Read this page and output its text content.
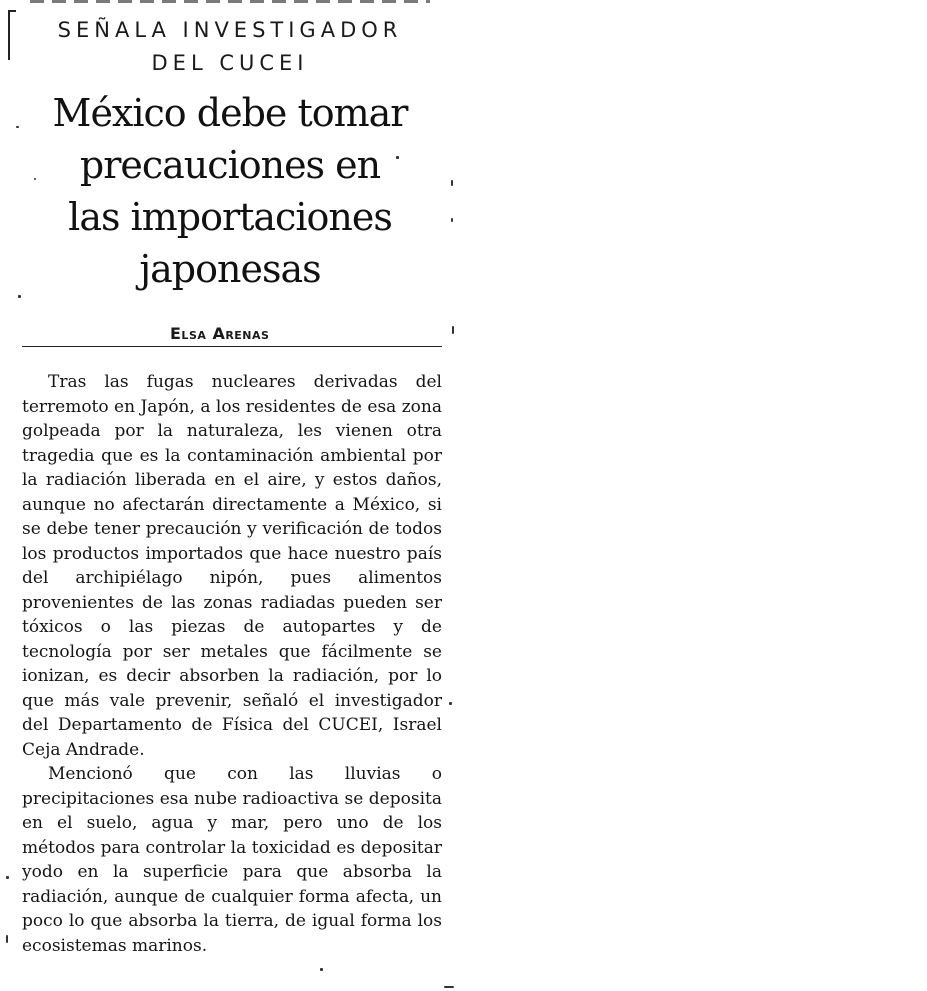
SEÑALA INVESTIGADOR
DEL CUCEI
México debe tomar
precauciones en
las importaciones
japonesas
Elsa Arenas

Tras las fugas nucleares derivadas del terremoto en Japón, a los residentes de esa zona golpeada por la naturaleza, les vienen otra tragedia que es la contaminación ambiental por la radiación liberada en el aire, y estos daños, aunque no afectarán directamente a México, si se debe tener precaución y verificación de todos los productos importados que hace nuestro país del archipiélago nipón, pues alimentos provenientes de las zonas radiadas pueden ser tóxicos o las piezas de autopartes y de tecnología por ser metales que fácilmente se ionizan, es decir absorben la radiación, por lo que más vale prevenir, señaló el investigador del Departamento de Física del CUCEI, Israel Ceja Andrade.

Mencionó que con las lluvias o precipitaciones esa nube radioactiva se deposita en el suelo, agua y mar, pero uno de los métodos para controlar la toxicidad es depositar yodo en la superficie para que absorba la radiación, aunque de cualquier forma afecta, un poco lo que absorba la tierra, de igual forma los ecosistemas marinos.
